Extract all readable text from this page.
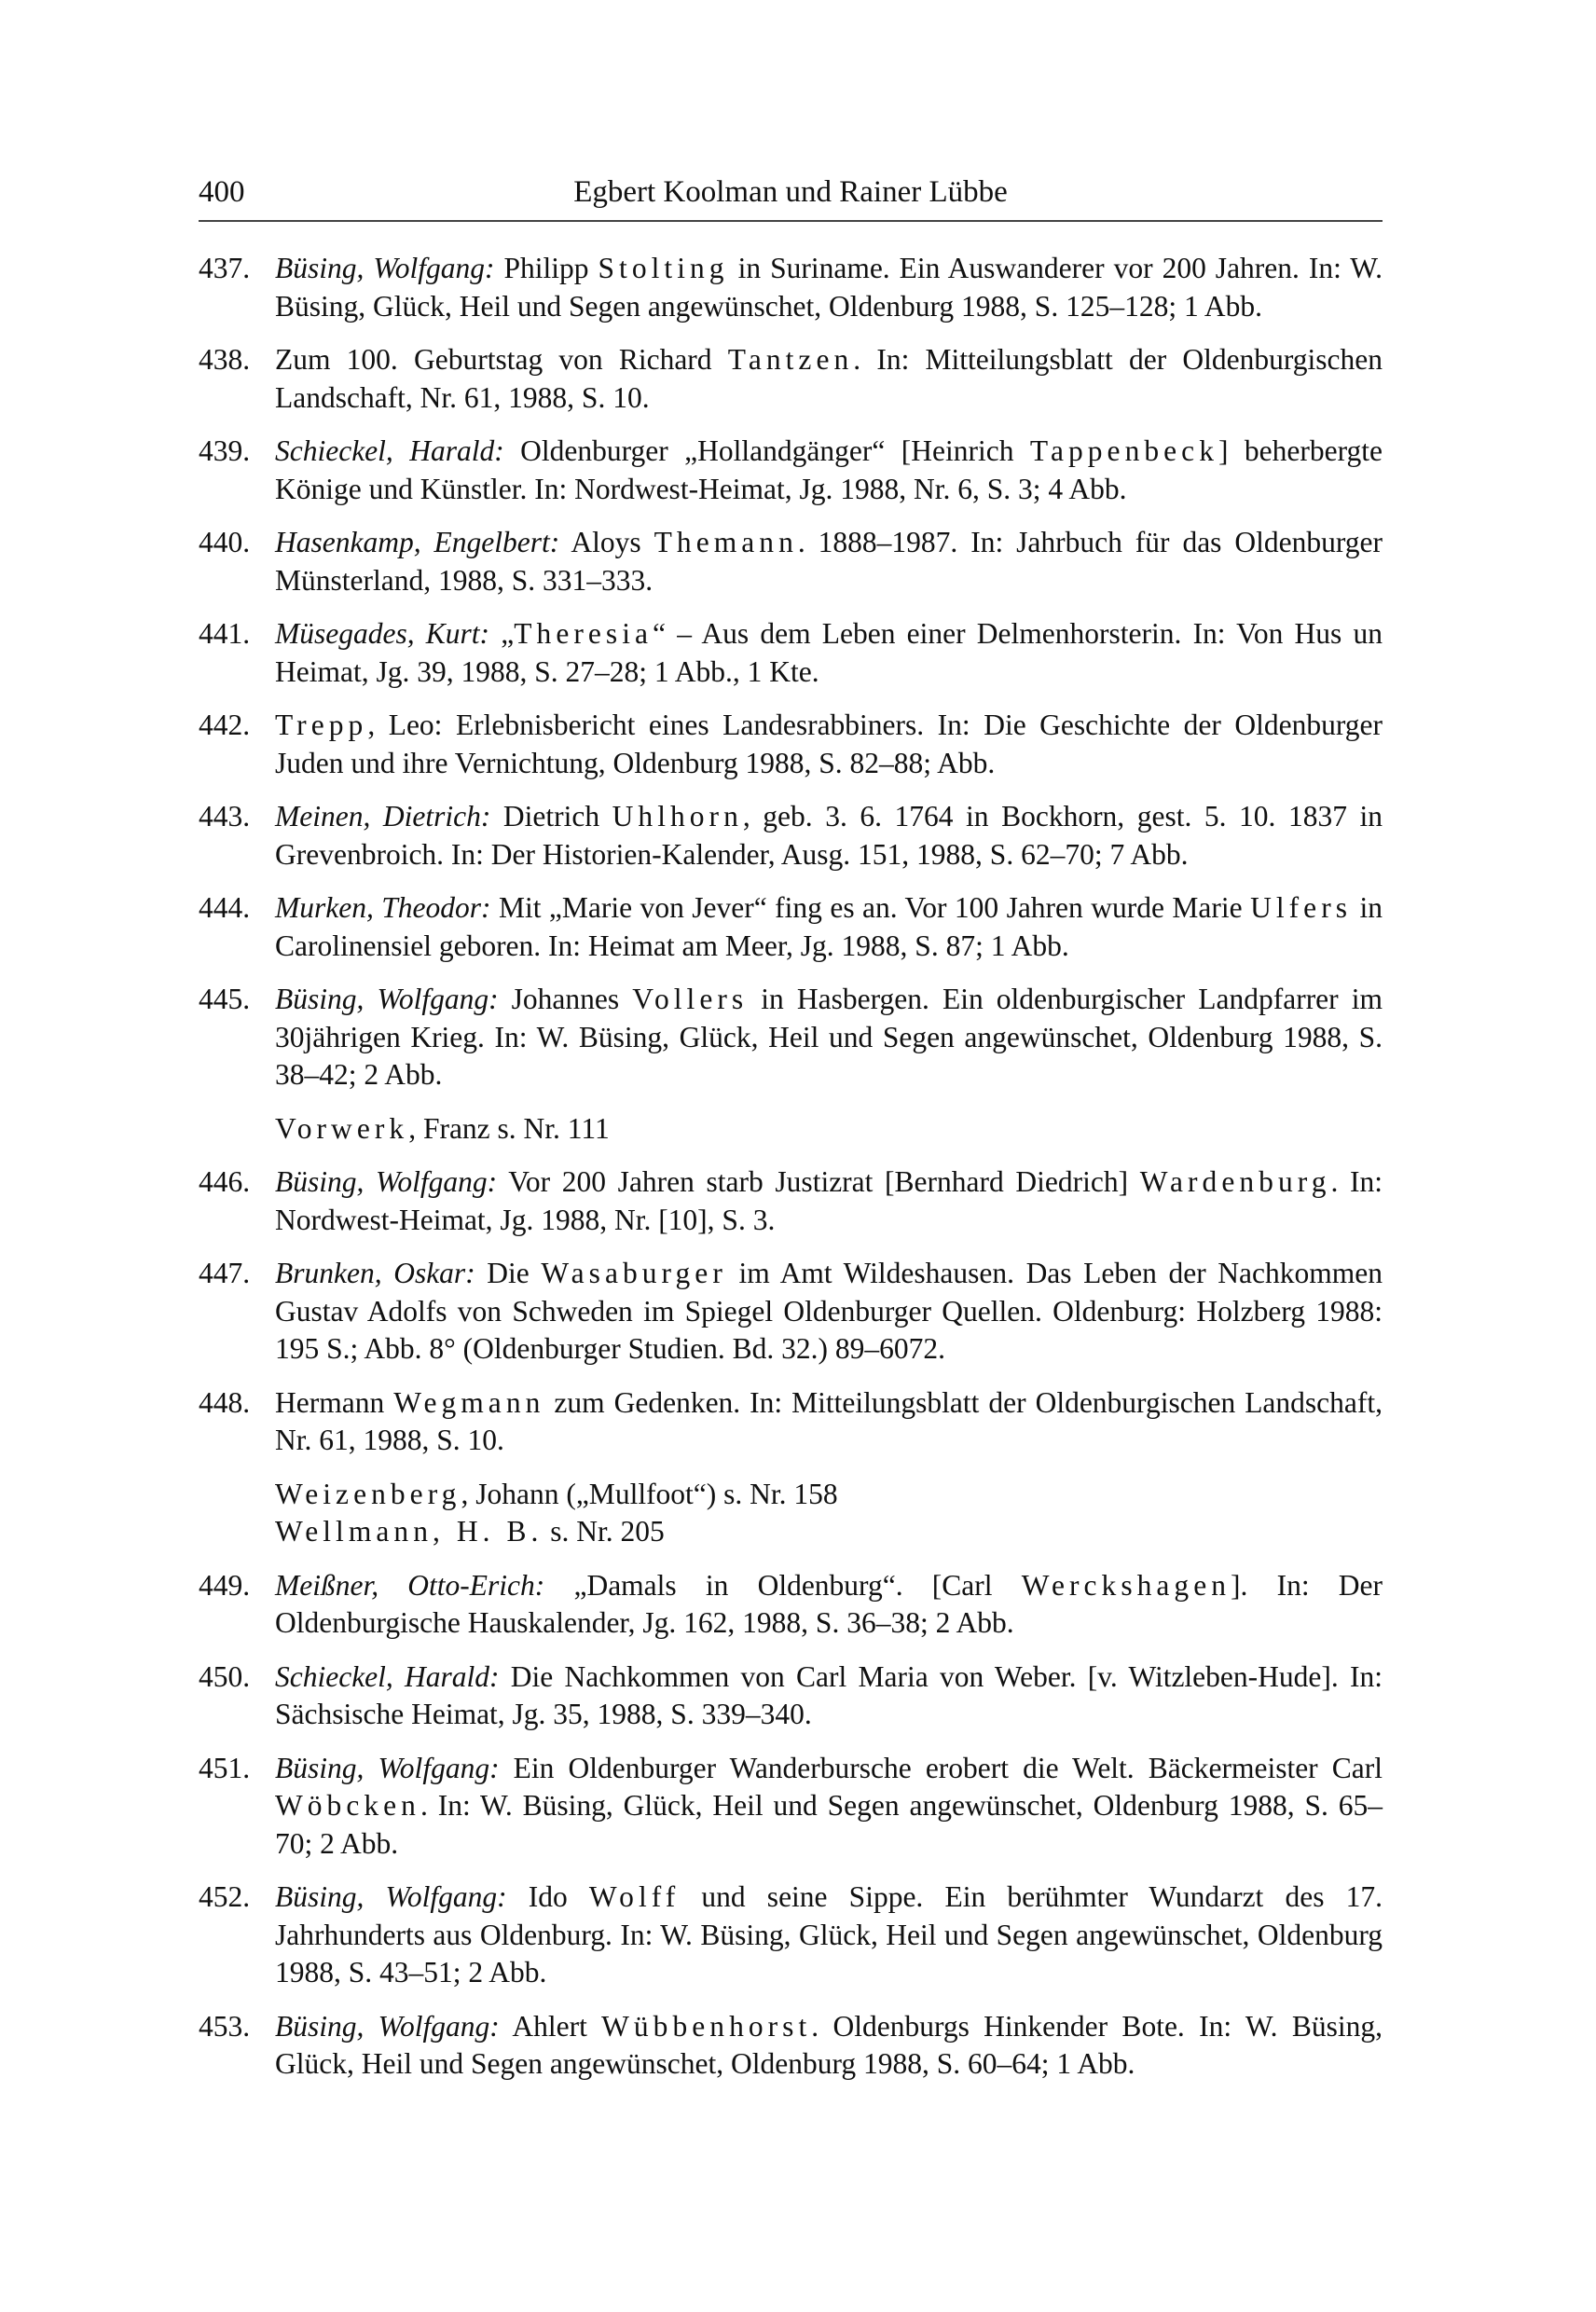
400	Egbert Koolman und Rainer Lübbe
437. Büsing, Wolfgang: Philipp Stolting in Suriname. Ein Auswanderer vor 200 Jahren. In: W. Büsing, Glück, Heil und Segen angewünschet, Oldenburg 1988, S. 125–128; 1 Abb.
438. Zum 100. Geburtstag von Richard Tantzen. In: Mitteilungsblatt der Oldenburgischen Landschaft, Nr. 61, 1988, S. 10.
439. Schieckel, Harald: Oldenburger „Hollandgänger“ [Heinrich Tappenbeck] beherbergte Könige und Künstler. In: Nordwest-Heimat, Jg. 1988, Nr. 6, S. 3; 4 Abb.
440. Hasenkamp, Engelbert: Aloys Themann. 1888–1987. In: Jahrbuch für das Oldenburger Münsterland, 1988, S. 331–333.
441. Müsegades, Kurt: „Theresia“ – Aus dem Leben einer Delmenhorsterin. In: Von Hus un Heimat, Jg. 39, 1988, S. 27–28; 1 Abb., 1 Kte.
442. Trepp, Leo: Erlebnisbericht eines Landesrabbiners. In: Die Geschichte der Oldenburger Juden und ihre Vernichtung, Oldenburg 1988, S. 82–88; Abb.
443. Meinen, Dietrich: Dietrich Uhlhorn, geb. 3. 6. 1764 in Bockhorn, gest. 5. 10. 1837 in Grevenbroich. In: Der Historien-Kalender, Ausg. 151, 1988, S. 62–70; 7 Abb.
444. Murken, Theodor: Mit „Marie von Jever“ fing es an. Vor 100 Jahren wurde Marie Ulfers in Carolinensiel geboren. In: Heimat am Meer, Jg. 1988, S. 87; 1 Abb.
445. Büsing, Wolfgang: Johannes Vollers in Hasbergen. Ein oldenburgischer Landpfarrer im 30jährigen Krieg. In: W. Büsing, Glück, Heil und Segen angewünschet, Oldenburg 1988, S. 38–42; 2 Abb.
Vorwerk, Franz s. Nr. 111
446. Büsing, Wolfgang: Vor 200 Jahren starb Justizrat [Bernhard Diedrich] Wardenburg. In: Nordwest-Heimat, Jg. 1988, Nr. [10], S. 3.
447. Brunken, Oskar: Die Wasaburger im Amt Wildeshausen. Das Leben der Nachkommen Gustav Adolfs von Schweden im Spiegel Oldenburger Quellen. Oldenburg: Holzberg 1988: 195 S.; Abb. 8° (Oldenburger Studien. Bd. 32.) 89–6072.
448. Hermann Wegmann zum Gedenken. In: Mitteilungsblatt der Oldenburgischen Landschaft, Nr. 61, 1988, S. 10.
Weizenberg, Johann („Mullfoot“) s. Nr. 158
Wellmann, H. B. s. Nr. 205
449. Meißner, Otto-Erich: „Damals in Oldenburg“. [Carl Werckshagen]. In: Der Oldenburgische Hauskalender, Jg. 162, 1988, S. 36–38; 2 Abb.
450. Schieckel, Harald: Die Nachkommen von Carl Maria von Weber. [v. Witzleben-Hude]. In: Sächsische Heimat, Jg. 35, 1988, S. 339–340.
451. Büsing, Wolfgang: Ein Oldenburger Wanderbursche erobert die Welt. Bäckermeister Carl Wöbcken. In: W. Büsing, Glück, Heil und Segen angewünschet, Oldenburg 1988, S. 65–70; 2 Abb.
452. Büsing, Wolfgang: Ido Wolff und seine Sippe. Ein berühmter Wundarzt des 17. Jahrhunderts aus Oldenburg. In: W. Büsing, Glück, Heil und Segen angewünschet, Oldenburg 1988, S. 43–51; 2 Abb.
453. Büsing, Wolfgang: Ahlert Wübbenhorst. Oldenburgs Hinkender Bote. In: W. Büsing, Glück, Heil und Segen angewünschet, Oldenburg 1988, S. 60–64; 1 Abb.
